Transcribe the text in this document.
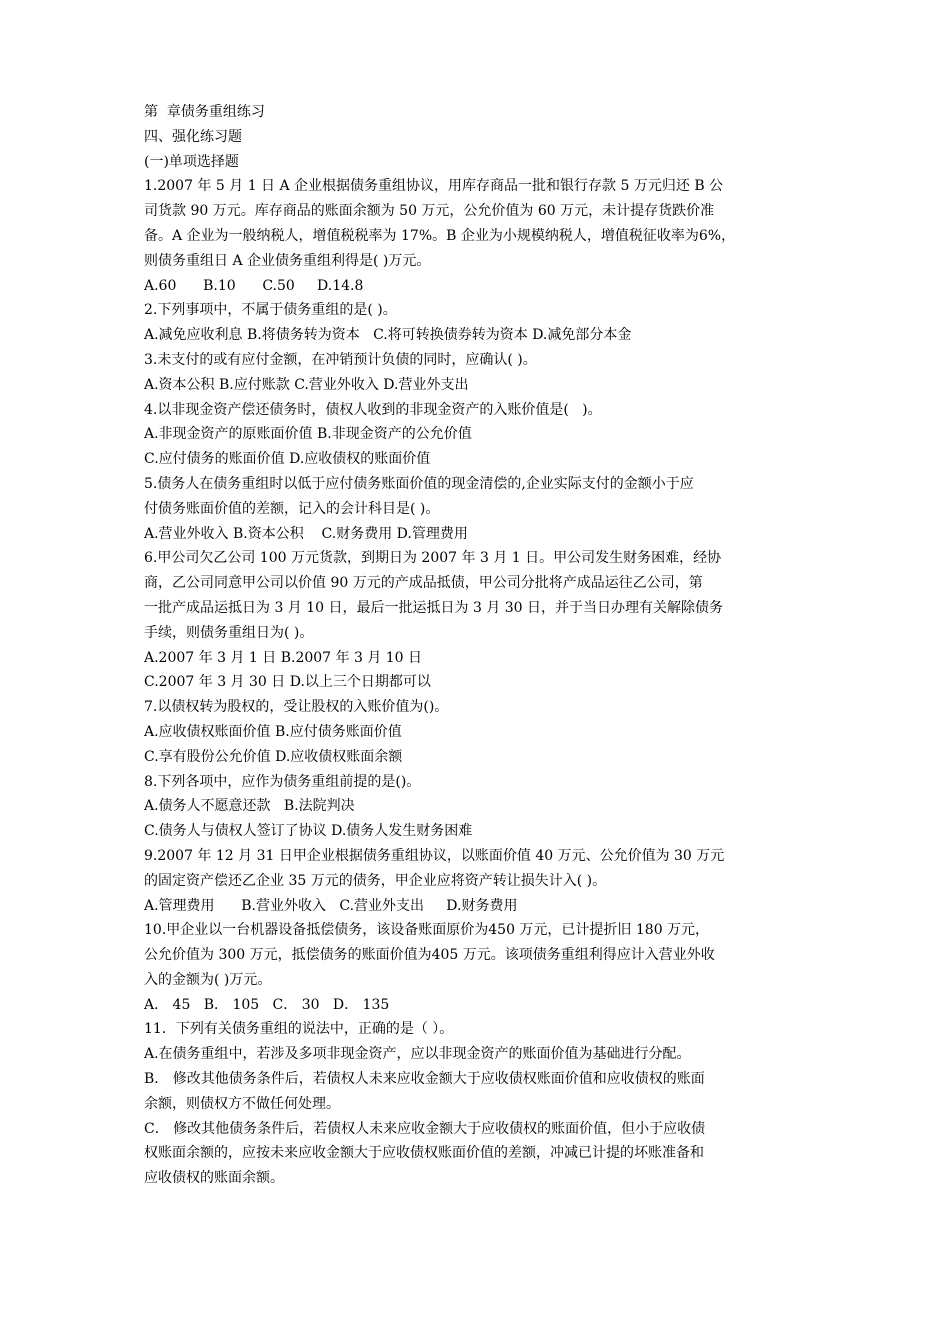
第  章债务重组练习
四、强化练习题
(一)单项选择题
1.2007 年 5 月 1 日 A 企业根据债务重组协议，用库存商品一批和银行存款 5 万元归还 B 公
司货款 90 万元。库存商品的账面余额为 50 万元，公允价值为 60 万元，未计提存货跌价准
备。A 企业为一般纳税人，增值税税率为 17%。B 企业为小规模纳税人，增值税征收率为6%，
则债务重组日 A 企业债务重组利得是( )万元。
A.60      B.10      C.50     D.14.8
2.下列事项中，不属于债务重组的是( )。
A.减免应收利息 B.将债务转为资本   C.将可转换债券转为资本 D.减免部分本金
3.未支付的或有应付金额，在冲销预计负债的同时，应确认( )。
A.资本公积 B.应付账款 C.营业外收入 D.营业外支出
4.以非现金资产偿还债务时，债权人收到的非现金资产的入账价值是(   )。
A.非现金资产的原账面价值 B.非现金资产的公允价值
C.应付债务的账面价值 D.应收债权的账面价值
5.债务人在债务重组时以低于应付债务账面价值的现金清偿的,企业实际支付的金额小于应
付债务账面价值的差额，记入的会计科目是( )。
A.营业外收入 B.资本公积    C.财务费用 D.管理费用
6.甲公司欠乙公司 100 万元货款，到期日为 2007 年 3 月 1 日。甲公司发生财务困难，经协
商，乙公司同意甲公司以价值 90 万元的产成品抵债，甲公司分批将产成品运往乙公司，第
一批产成品运抵日为 3 月 10 日，最后一批运抵日为 3 月 30 日，并于当日办理有关解除债务
手续，则债务重组日为( )。
A.2007 年 3 月 1 日 B.2007 年 3 月 10 日
C.2007 年 3 月 30 日 D.以上三个日期都可以
7.以债权转为股权的，受让股权的入账价值为()。
A.应收债权账面价值 B.应付债务账面价值
C.享有股份公允价值 D.应收债权账面余额
8.下列各项中，应作为债务重组前提的是()。
A.债务人不愿意还款   B.法院判决
C.债务人与债权人签订了协议 D.债务人发生财务困难
9.2007 年 12 月 31 日甲企业根据债务重组协议，以账面价值 40 万元、公允价值为 30 万元
的固定资产偿还乙企业 35 万元的债务，甲企业应将资产转让损失计入( )。
A.管理费用      B.营业外收入   C.营业外支出     D.财务费用
10.甲企业以一台机器设备抵偿债务，该设备账面原价为450 万元，已计提折旧 180 万元，
公允价值为 300 万元，抵偿债务的账面价值为405 万元。该项债务重组利得应计入营业外收
入的金额为( )万元。
A． 45   B． 105   C． 30   D． 135
11．下列有关债务重组的说法中，正确的是（ ）。
A.在债务重组中，若涉及多项非现金资产，应以非现金资产的账面价值为基础进行分配。
B． 修改其他债务条件后，若债权人未来应收金额大于应收债权账面价值和应收债权的账面
余额，则债权方不做任何处理。
C． 修改其他债务条件后，若债权人未来应收金额大于应收债权的账面价值，但小于应收债
权账面余额的，应按未来应收金额大于应收债权账面价值的差额，冲减已计提的坏账准备和
应收债权的账面余额。
